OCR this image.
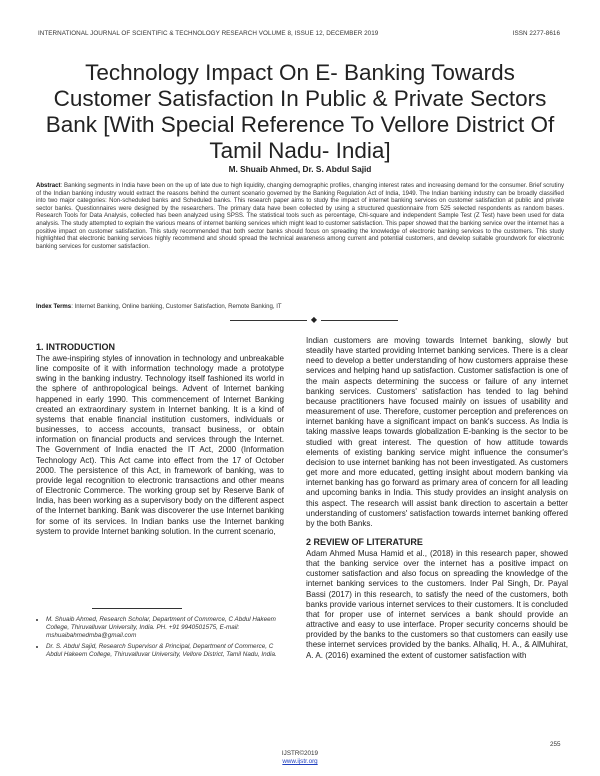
INTERNATIONAL JOURNAL OF SCIENTIFIC & TECHNOLOGY RESEARCH VOLUME 8, ISSUE 12, DECEMBER 2019	ISSN 2277-8616
Technology Impact On E- Banking Towards Customer Satisfaction In Public & Private Sectors Bank [With Special Reference To Vellore District Of Tamil Nadu- India]
M. Shuaib Ahmed, Dr. S. Abdul Sajid
Abstract: Banking segments in India have been on the up of late due to high liquidity, changing demographic profiles, changing interest rates and increasing demand for the consumer. Brief scrutiny of the Indian banking industry would extract the reasons behind the current scenario governed by the Banking Regulation Act of India, 1949. The Indian banking industry can be broadly classified into two major categories: Non-scheduled banks and Scheduled banks. This research paper aims to study the impact of internet banking services on customer satisfaction at public and private sector banks. Questionnaires were designed by the researchers. The primary data have been collected by using a structured questionnaire from 525 selected respondents as random bases. Research Tools for Data Analysis, collected has been analyzed using SPSS. The statistical tools such as percentage, Chi-square and independent Sample Test (Z Test) have been used for data analysis. The study attempted to explain the various means of internet banking services which might lead to customer satisfaction. This paper showed that the banking service over the internet has a positive impact on customer satisfaction. This study recommended that both sector banks should focus on spreading the knowledge of electronic banking services to the customers. This study highlighted that electronic banking services highly recommend and should spread the technical awareness among current and potential customers, and develop suitable groundwork for electronic banking services for customer satisfaction.
Index Terms: Internet Banking, Online banking, Customer Satisfaction, Remote Banking, IT
◆
1. INTRODUCTION

The awe-inspiring styles of innovation in technology and unbreakable line composite of it with information technology made a prototype swing in the banking industry. Technology itself fashioned its world in the sphere of anthropological beings. Advent of Internet banking happened in early 1990. This commencement of Internet Banking created an extraordinary system in Internet banking. It is a kind of systems that enable financial institution customers, individuals or businesses, to access accounts, transact business, or obtain information on financial products and services through the Internet. The Government of India enacted the IT Act, 2000 (Information Technology Act). This Act came into effect from the 17 of October 2000. The persistence of this Act, in framework of banking, was to provide legal recognition to electronic transactions and other means of Electronic Commerce. The working group set by Reserve Bank of India, has been working as a supervisory body on the different aspect of the Internet banking. Bank was discoverer the use Internet banking for some of its services. In Indian banks use the Internet banking system to provide Internet banking solution. In the current scenario,

• M. Shuaib Ahmed, Research Scholar, Department of Commerce, C Abdul Hakeem College, Thiruvalluvar University, India. PH. +91 9940501575, E-mail: mshuaibahmedmba@gmail.com
• Dr. S. Abdul Sajid, Research Supervisor & Principal, Department of Commerce, C Abdul Hakeem College, Thiruvalluvar University, Vellore District, Tamil Nadu, India.

Indian customers are moving towards Internet banking, slowly but steadily have started providing Internet banking services. There is a clear need to develop a better understanding of how customers appraise these services and helping hand up satisfaction. Customer satisfaction is one of the main aspects determining the success or failure of any internet banking services. Customers' satisfaction has tended to lag behind because practitioners have focused mainly on issues of usability and measurement of use. Therefore, customer perception and preferences on internet banking have a significant impact on bank's success. As India is taking massive leaps towards globalization E-banking is the sector to be studied with great interest. The question of how attitude towards elements of existing banking service might influence the consumer's decision to use internet banking has not been investigated. As customers get more and more educated, getting insight about modern banking via internet banking has go forward as primary area of concern for all leading and upcoming banks in India. This study provides an insight analysis on this aspect. The research will assist bank direction to ascertain a better understanding of customers' satisfaction towards internet banking offered by the both Banks.

2 REVIEW OF LITERATURE

Adam Ahmed Musa Hamid et al., (2018) in this research paper, showed that the banking service over the internet has a positive impact on customer satisfaction and also focus on spreading the knowledge of the internet banking services to the customers. Inder Pal Singh, Dr. Payal Bassi (2017) in this research, to satisfy the need of the customers, both banks provide various internet services to their customers. It is concluded that for proper use of internet services a bank should provide an attractive and easy to use interface. Proper security concerns should be provided by the banks to the customers so that customers can easily use these internet services provided by the banks. Alhaliq, H. A., & AlMuhirat, A. A. (2016) examined the extent of customer satisfaction with

255
IJSTR©2019
www.ijstr.org
